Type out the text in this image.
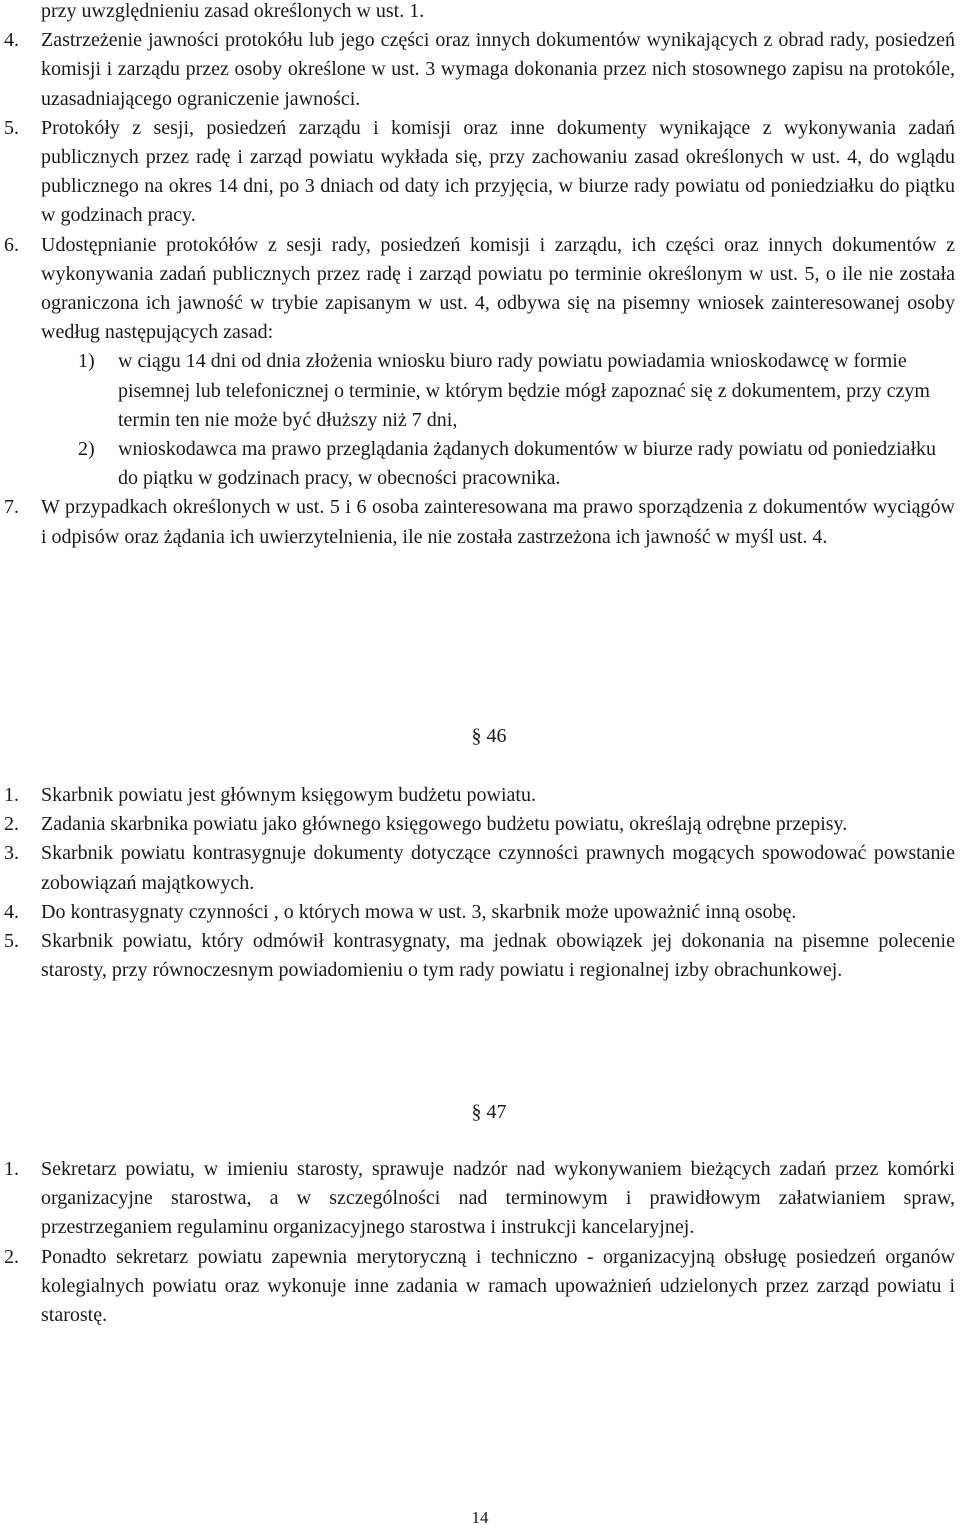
przy uwzględnieniu zasad określonych w ust. 1.

4. Zastrzeżenie jawności protokółu lub jego części oraz innych dokumentów wynikających z obrad rady, posiedzeń komisji i zarządu przez osoby określone w ust. 3 wymaga dokonania przez nich stosownego zapisu na protokóle, uzasadniającego ograniczenie jawności.

5. Protokóły z sesji, posiedzeń zarządu i komisji oraz inne dokumenty wynikające z wykonywania zadań publicznych przez radę i zarząd powiatu wykłada się, przy zachowaniu zasad określonych w ust. 4, do wglądu publicznego na okres 14 dni, po 3 dniach od daty ich przyjęcia, w biurze rady powiatu od poniedziałku do piątku w godzinach pracy.

6. Udostępnianie protokółów z sesji rady, posiedzeń komisji i zarządu, ich części oraz innych dokumentów z wykonywania zadań publicznych przez radę i zarząd powiatu po terminie określonym w ust. 5, o ile nie została ograniczona ich jawność w trybie zapisanym w ust. 4, odbywa się na pisemny wniosek zainteresowanej osoby według następujących zasad:

1) w ciągu 14 dni od dnia złożenia wniosku biuro rady powiatu powiadamia wnioskodawcę w formie pisemnej lub telefonicznej o terminie, w którym będzie mógł zapoznać się z dokumentem, przy czym termin ten nie może być dłuższy niż 7 dni,

2) wnioskodawca ma prawo przeglądania żądanych dokumentów w biurze rady powiatu od poniedziałku do piątku w godzinach pracy, w obecności pracownika.

7. W przypadkach określonych w ust. 5 i 6 osoba zainteresowana ma prawo sporządzenia z dokumentów wyciągów i odpisów oraz żądania ich uwierzytelnienia, ile nie została zastrzeżona ich jawność w myśl ust. 4.

§ 46

1. Skarbnik powiatu jest głównym księgowym budżetu powiatu.

2. Zadania skarbnika powiatu jako głównego księgowego budżetu powiatu, określają odrębne przepisy.

3. Skarbnik powiatu kontrasygnuje dokumenty dotyczące czynności prawnych mogących spowodować powstanie zobowiązań majątkowych.

4. Do kontrasygnaty czynności , o których mowa w ust. 3, skarbnik może upoważnić inną osobę.

5. Skarbnik powiatu, który odmówił kontrasygnaty, ma jednak obowiązek jej dokonania na pisemne polecenie starosty, przy równoczesnym powiadomieniu o tym rady powiatu i regionalnej izby obrachunkowej.

§ 47

1. Sekretarz powiatu, w imieniu starosty, sprawuje nadzór nad wykonywaniem bieżących zadań przez komórki organizacyjne starostwa, a w szczególności nad terminowym i prawidłowym załatwianiem spraw, przestrzeganiem regulaminu organizacyjnego starostwa i instrukcji kancelaryjnej.

2. Ponadto sekretarz powiatu zapewnia merytoryczną i techniczno - organizacyjną obsługę posiedzeń organów kolegialnych powiatu oraz wykonuje inne zadania w ramach upoważnień udzielonych przez zarząd powiatu i starostę.

14
